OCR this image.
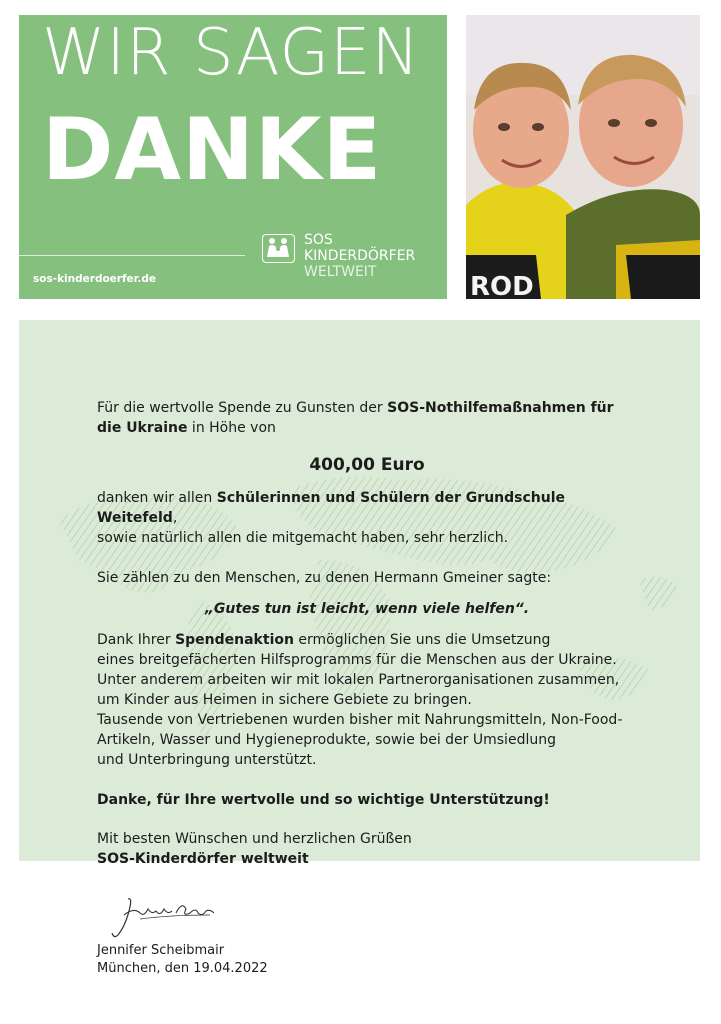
WIR SAGEN
DANKE
sos-kinderdoerfer.de
SOS
KINDERDÖRFER
WELTWEIT	ROD

Für die wertvolle Spende zu Gunsten der SOS-Nothilfemaßnahmen für die Ukraine in Höhe von

400,00 Euro

danken wir allen Schülerinnen und Schülern der Grundschule Weitefeld,
sowie natürlich allen die mitgemacht haben, sehr herzlich.

Sie zählen zu den Menschen, zu denen Hermann Gmeiner sagte:

„Gutes tun ist leicht, wenn viele helfen“.

Dank Ihrer Spendenaktion ermöglichen Sie uns die Umsetzung
eines breitgefächerten Hilfsprogramms für die Menschen aus der Ukraine.
Unter anderem arbeiten wir mit lokalen Partnerorganisationen zusammen,
um Kinder aus Heimen in sichere Gebiete zu bringen.
Tausende von Vertriebenen wurden bisher mit Nahrungsmitteln, Non-Food-
Artikeln, Wasser und Hygieneprodukte, sowie bei der Umsiedlung
und Unterbringung unterstützt.

Danke, für Ihre wertvolle und so wichtige Unterstützung!

Mit besten Wünschen und herzlichen Grüßen

SOS-Kinderdörfer weltweit

Jennifer Scheibmair
München, den 19.04.2022
